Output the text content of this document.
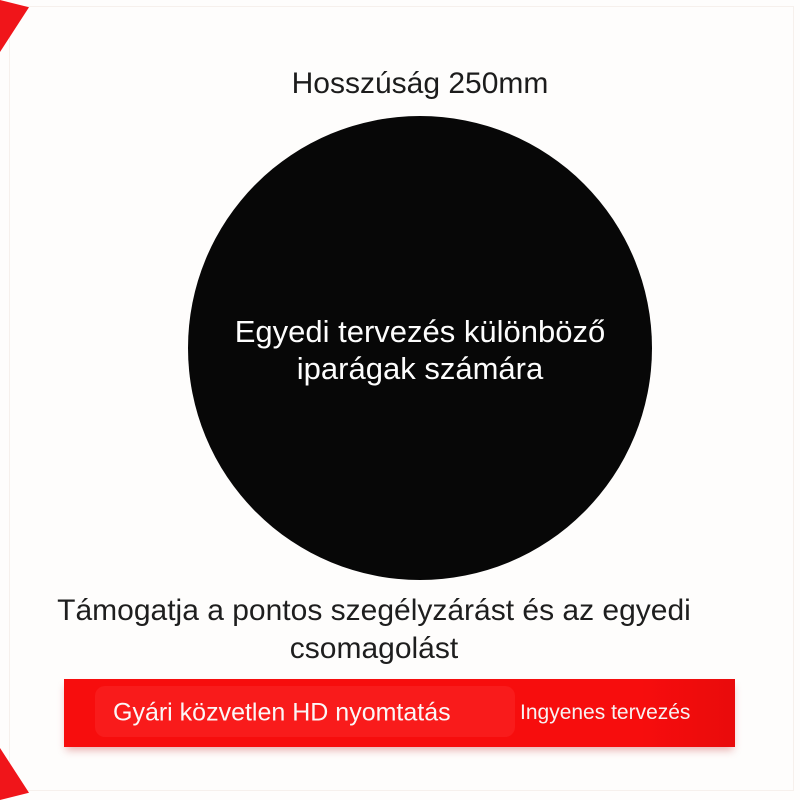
Hosszúság 250mm
Egyedi tervezés különböző
iparágak számára
Támogatja a pontos szegélyzárást és az egyedi
csomagolást
Gyári közvetlen HD nyomtatás	Ingyenes tervezés
